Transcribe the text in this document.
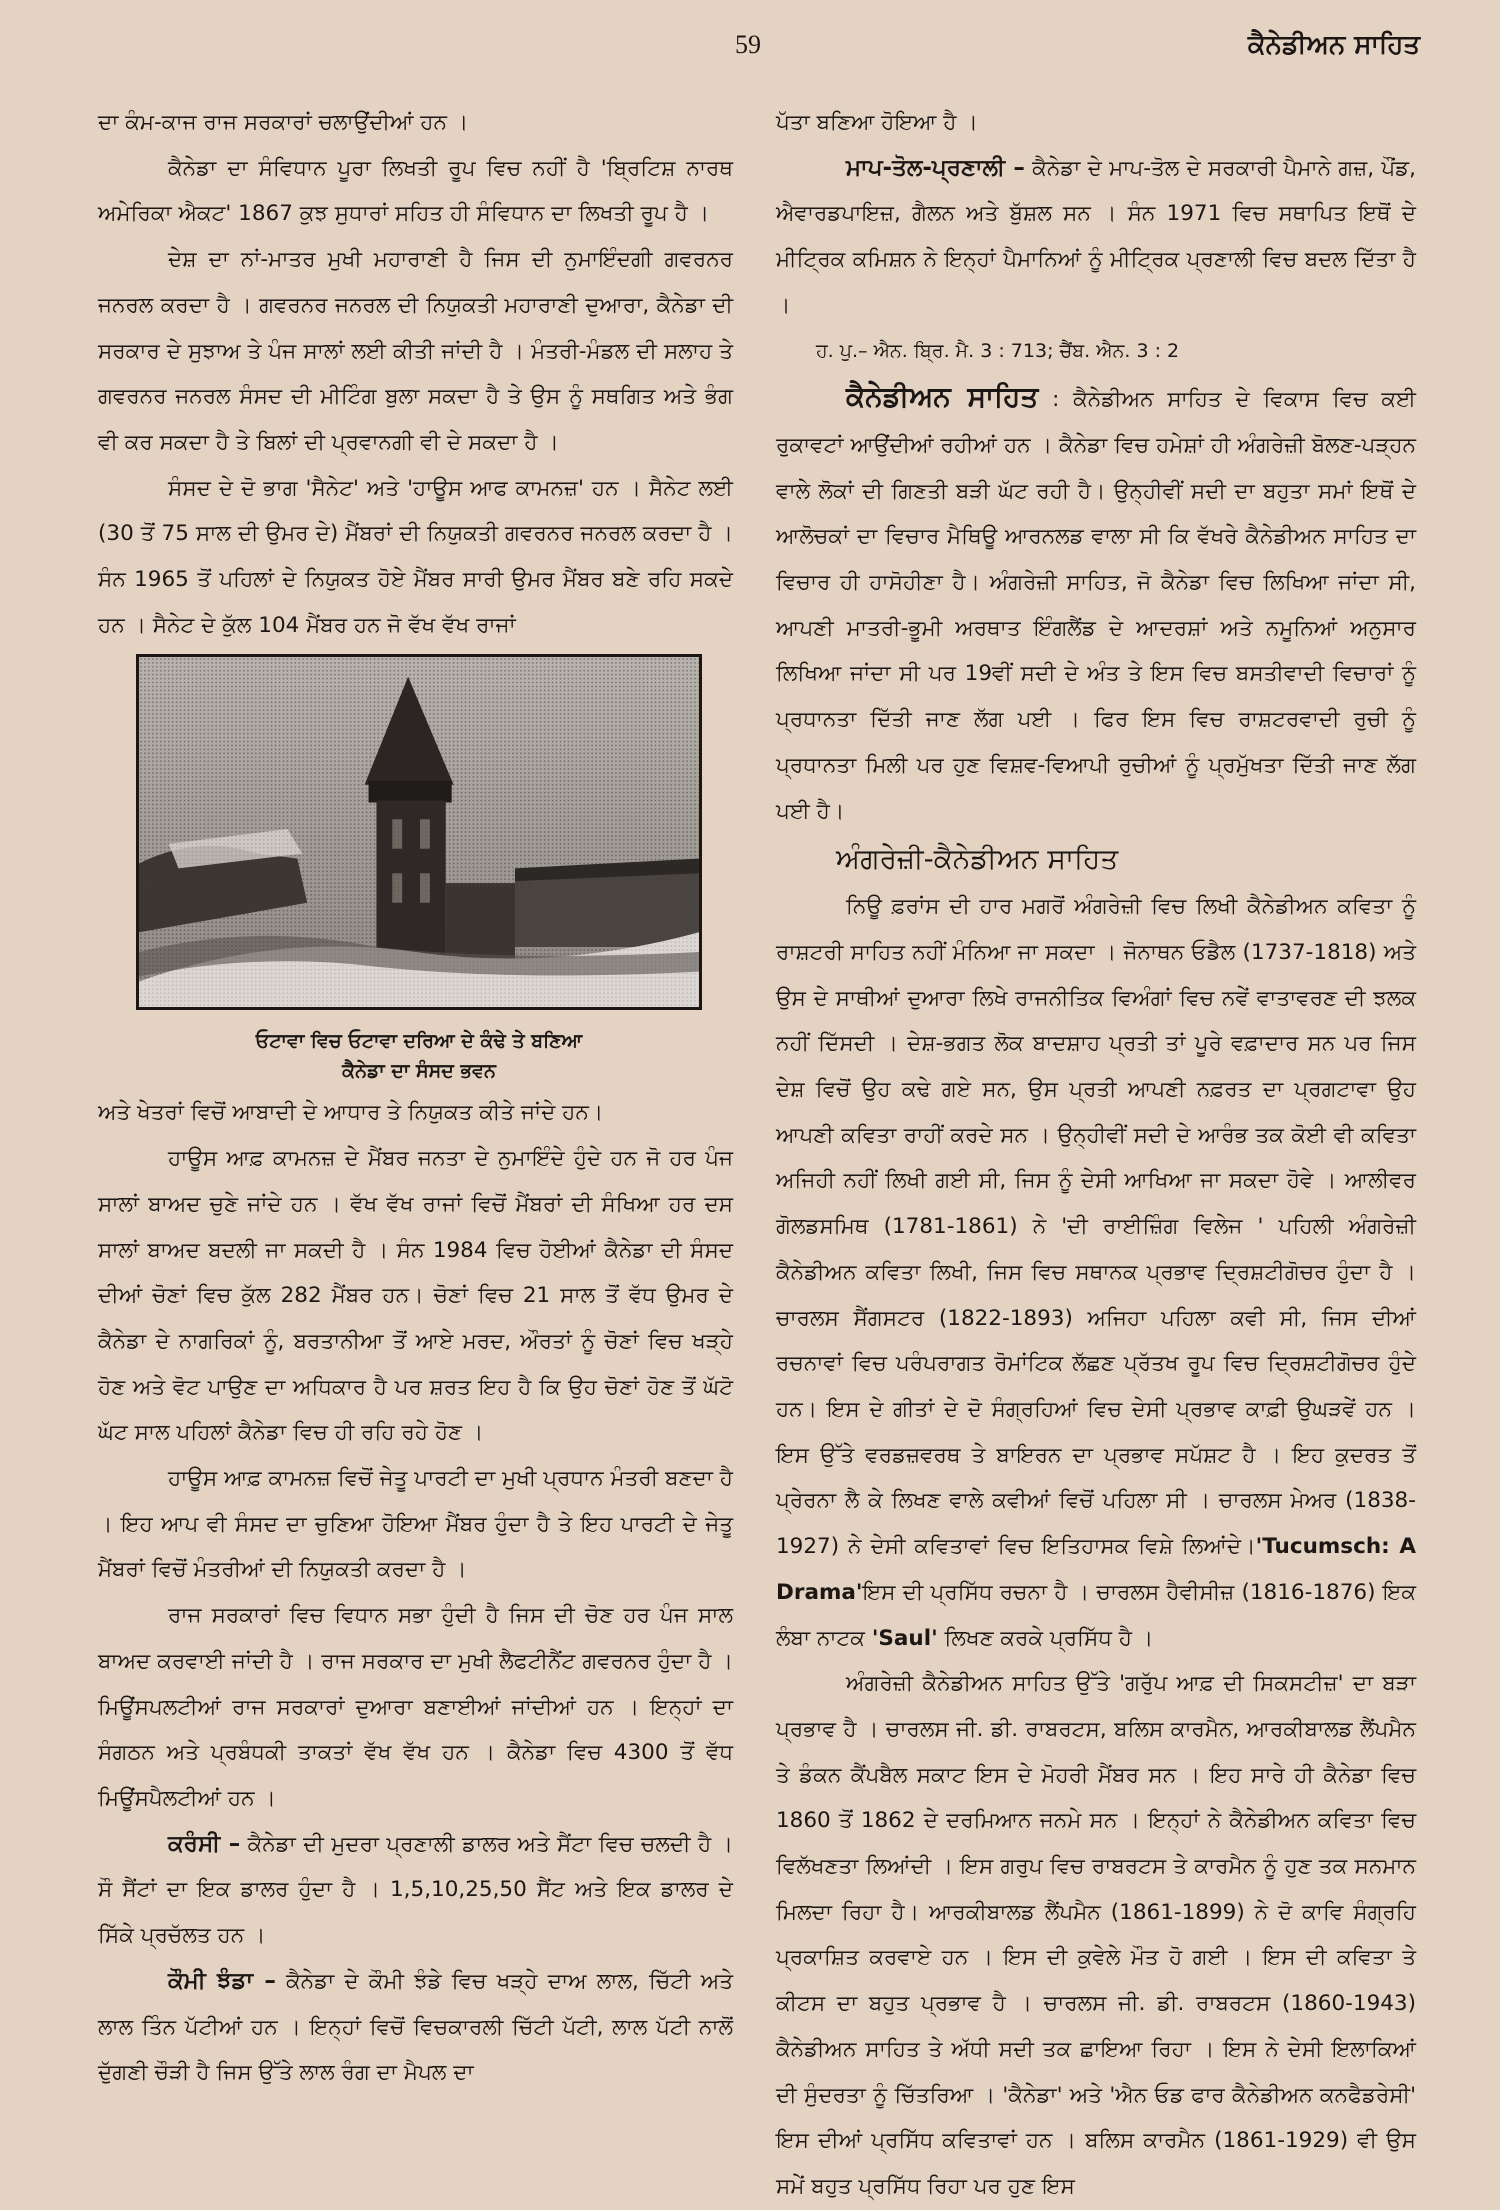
59	ਕੈਨੇਡੀਅਨ ਸਾਹਿਤ

ਦਾ ਕੰਮ-ਕਾਜ ਰਾਜ ਸਰਕਾਰਾਂ ਚਲਾਉਂਦੀਆਂ ਹਨ ।

ਕੈਨੇਡਾ ਦਾ ਸੰਵਿਧਾਨ ਪੂਰਾ ਲਿਖਤੀ ਰੂਪ ਵਿਚ ਨਹੀਂ ਹੈ 'ਬ੍ਰਿਟਿਸ਼ ਨਾਰਥ ਅਮੇਰਿਕਾ ਐਕਟ' 1867 ਕੁਝ ਸੁਧਾਰਾਂ ਸਹਿਤ ਹੀ ਸੰਵਿਧਾਨ ਦਾ ਲਿਖਤੀ ਰੂਪ ਹੈ ।

ਦੇਸ਼ ਦਾ ਨਾਂ-ਮਾਤਰ ਮੁਖੀ ਮਹਾਰਾਣੀ ਹੈ ਜਿਸ ਦੀ ਨੁਮਾਇੰਦਗੀ ਗਵਰਨਰ ਜਨਰਲ ਕਰਦਾ ਹੈ । ਗਵਰਨਰ ਜਨਰਲ ਦੀ ਨਿਯੁਕਤੀ ਮਹਾਰਾਣੀ ਦੁਆਰਾ, ਕੈਨੇਡਾ ਦੀ ਸਰਕਾਰ ਦੇ ਸੁਝਾਅ ਤੇ ਪੰਜ ਸਾਲਾਂ ਲਈ ਕੀਤੀ ਜਾਂਦੀ ਹੈ । ਮੰਤਰੀ-ਮੰਡਲ ਦੀ ਸਲਾਹ ਤੇ ਗਵਰਨਰ ਜਨਰਲ ਸੰਸਦ ਦੀ ਮੀਟਿੰਗ ਬੁਲਾ ਸਕਦਾ ਹੈ ਤੇ ਉਸ ਨੂੰ ਸਥਗਿਤ ਅਤੇ ਭੰਗ ਵੀ ਕਰ ਸਕਦਾ ਹੈ ਤੇ ਬਿਲਾਂ ਦੀ ਪ੍ਰਵਾਨਗੀ ਵੀ ਦੇ ਸਕਦਾ ਹੈ ।

ਸੰਸਦ ਦੇ ਦੋ ਭਾਗ 'ਸੈਨੇਟ' ਅਤੇ 'ਹਾਊਸ ਆਫ ਕਾਮਨਜ਼' ਹਨ । ਸੈਨੇਟ ਲਈ (30 ਤੋਂ 75 ਸਾਲ ਦੀ ਉਮਰ ਦੇ) ਮੈਂਬਰਾਂ ਦੀ ਨਿਯੁਕਤੀ ਗਵਰਨਰ ਜਨਰਲ ਕਰਦਾ ਹੈ । ਸੰਨ 1965 ਤੋਂ ਪਹਿਲਾਂ ਦੇ ਨਿਯੁਕਤ ਹੋਏ ਮੈਂਬਰ ਸਾਰੀ ਉਮਰ ਮੈਂਬਰ ਬਣੇ ਰਹਿ ਸਕਦੇ ਹਨ । ਸੈਨੇਟ ਦੇ ਕੁੱਲ 104 ਮੈਂਬਰ ਹਨ ਜੋ ਵੱਖ ਵੱਖ ਰਾਜਾਂ

ਓਟਾਵਾ ਵਿਚ ਓਟਾਵਾ ਦਰਿਆ ਦੇ ਕੰਢੇ ਤੇ ਬਣਿਆ
ਕੈਨੇਡਾ ਦਾ ਸੰਸਦ ਭਵਨ

ਅਤੇ ਖੇਤਰਾਂ ਵਿਚੋਂ ਆਬਾਦੀ ਦੇ ਆਧਾਰ ਤੇ ਨਿਯੁਕਤ ਕੀਤੇ ਜਾਂਦੇ ਹਨ।

ਹਾਊਸ ਆਫ਼ ਕਾਮਨਜ਼ ਦੇ ਮੈਂਬਰ ਜਨਤਾ ਦੇ ਨੁਮਾਇੰਦੇ ਹੁੰਦੇ ਹਨ ਜੋ ਹਰ ਪੰਜ ਸਾਲਾਂ ਬਾਅਦ ਚੁਣੇ ਜਾਂਦੇ ਹਨ । ਵੱਖ ਵੱਖ ਰਾਜਾਂ ਵਿਚੋਂ ਮੈਂਬਰਾਂ ਦੀ ਸੰਖਿਆ ਹਰ ਦਸ ਸਾਲਾਂ ਬਾਅਦ ਬਦਲੀ ਜਾ ਸਕਦੀ ਹੈ । ਸੰਨ 1984 ਵਿਚ ਹੋਈਆਂ ਕੈਨੇਡਾ ਦੀ ਸੰਸਦ ਦੀਆਂ ਚੋਣਾਂ ਵਿਚ ਕੁੱਲ 282 ਮੈਂਬਰ ਹਨ। ਚੋਣਾਂ ਵਿਚ 21 ਸਾਲ ਤੋਂ ਵੱਧ ਉਮਰ ਦੇ ਕੈਨੇਡਾ ਦੇ ਨਾਗਰਿਕਾਂ ਨੂੰ, ਬਰਤਾਨੀਆ ਤੋਂ ਆਏ ਮਰਦ, ਔਰਤਾਂ ਨੂੰ ਚੋਣਾਂ ਵਿਚ ਖੜ੍ਹੇ ਹੋਣ ਅਤੇ ਵੋਟ ਪਾਉਣ ਦਾ ਅਧਿਕਾਰ ਹੈ ਪਰ ਸ਼ਰਤ ਇਹ ਹੈ ਕਿ ਉਹ ਚੋਣਾਂ ਹੋਣ ਤੋਂ ਘੱਟੋ ਘੱਟ ਸਾਲ ਪਹਿਲਾਂ ਕੈਨੇਡਾ ਵਿਚ ਹੀ ਰਹਿ ਰਹੇ ਹੋਣ ।

ਹਾਊਸ ਆਫ਼ ਕਾਮਨਜ਼ ਵਿਚੋਂ ਜੇਤੂ ਪਾਰਟੀ ਦਾ ਮੁਖੀ ਪ੍ਰਧਾਨ ਮੰਤਰੀ ਬਣਦਾ ਹੈ । ਇਹ ਆਪ ਵੀ ਸੰਸਦ ਦਾ ਚੁਣਿਆ ਹੋਇਆ ਮੈਂਬਰ ਹੁੰਦਾ ਹੈ ਤੇ ਇਹ ਪਾਰਟੀ ਦੇ ਜੇਤੂ ਮੈਂਬਰਾਂ ਵਿਚੋਂ ਮੰਤਰੀਆਂ ਦੀ ਨਿਯੁਕਤੀ ਕਰਦਾ ਹੈ ।

ਰਾਜ ਸਰਕਾਰਾਂ ਵਿਚ ਵਿਧਾਨ ਸਭਾ ਹੁੰਦੀ ਹੈ ਜਿਸ ਦੀ ਚੋਣ ਹਰ ਪੰਜ ਸਾਲ ਬਾਅਦ ਕਰਵਾਈ ਜਾਂਦੀ ਹੈ । ਰਾਜ ਸਰਕਾਰ ਦਾ ਮੁਖੀ ਲੈਫਟੀਨੈਂਟ ਗਵਰਨਰ ਹੁੰਦਾ ਹੈ । ਮਿਊਂਸਪਲਟੀਆਂ ਰਾਜ ਸਰਕਾਰਾਂ ਦੁਆਰਾ ਬਣਾਈਆਂ ਜਾਂਦੀਆਂ ਹਨ । ਇਨ੍ਹਾਂ ਦਾ ਸੰਗਠਨ ਅਤੇ ਪ੍ਰਬੰਧਕੀ ਤਾਕਤਾਂ ਵੱਖ ਵੱਖ ਹਨ । ਕੈਨੇਡਾ ਵਿਚ 4300 ਤੋਂ ਵੱਧ ਮਿਊਂਸਪੈਲਟੀਆਂ ਹਨ ।

ਕਰੰਸੀ – ਕੈਨੇਡਾ ਦੀ ਮੁਦਰਾ ਪ੍ਰਣਾਲੀ ਡਾਲਰ ਅਤੇ ਸੈਂਟਾ ਵਿਚ ਚਲਦੀ ਹੈ । ਸੌ ਸੈਂਟਾਂ ਦਾ ਇਕ ਡਾਲਰ ਹੁੰਦਾ ਹੈ । 1,5,10,25,50 ਸੈਂਟ ਅਤੇ ਇਕ ਡਾਲਰ ਦੇ ਸਿੱਕੇ ਪ੍ਰਚੱਲਤ ਹਨ ।

ਕੌਮੀ ਝੰਡਾ – ਕੈਨੇਡਾ ਦੇ ਕੌਮੀ ਝੰਡੇ ਵਿਚ ਖੜ੍ਹੇ ਦਾਅ ਲਾਲ, ਚਿੱਟੀ ਅਤੇ ਲਾਲ ਤਿੰਨ ਪੱਟੀਆਂ ਹਨ । ਇਨ੍ਹਾਂ ਵਿਚੋਂ ਵਿਚਕਾਰਲੀ ਚਿੱਟੀ ਪੱਟੀ, ਲਾਲ ਪੱਟੀ ਨਾਲੋਂ ਦੁੱਗਣੀ ਚੌੜੀ ਹੈ ਜਿਸ ਉੱਤੇ ਲਾਲ ਰੰਗ ਦਾ ਮੈਪਲ ਦਾ

ਪੱਤਾ ਬਣਿਆ ਹੋਇਆ ਹੈ ।

ਮਾਪ-ਤੋਲ-ਪ੍ਰਣਾਲੀ – ਕੈਨੇਡਾ ਦੇ ਮਾਪ-ਤੋਲ ਦੇ ਸਰਕਾਰੀ ਪੈਮਾਨੇ ਗਜ਼, ਪੌਂਡ, ਐਵਾਰਡਪਾਇਜ਼, ਗੈਲਨ ਅਤੇ ਬੁੱਸ਼ਲ ਸਨ । ਸੰਨ 1971 ਵਿਚ ਸਥਾਪਿਤ ਇਥੋਂ ਦੇ ਮੀਟ੍ਰਿਕ ਕਮਿਸ਼ਨ ਨੇ ਇਨ੍ਹਾਂ ਪੈਮਾਨਿਆਂ ਨੂੰ ਮੀਟ੍ਰਿਕ ਪ੍ਰਣਾਲੀ ਵਿਚ ਬਦਲ ਦਿੱਤਾ ਹੈ ।

ਹ. ਪੁ.– ਐਨ. ਬ੍ਰਿ. ਮੈ. 3 : 713; ਚੈਂਬ. ਐਨ. 3 : 2

ਕੈਨੇਡੀਅਨ ਸਾਹਿਤ : ਕੈਨੇਡੀਅਨ ਸਾਹਿਤ ਦੇ ਵਿਕਾਸ ਵਿਚ ਕਈ ਰੁਕਾਵਟਾਂ ਆਉਂਦੀਆਂ ਰਹੀਆਂ ਹਨ । ਕੈਨੇਡਾ ਵਿਚ ਹਮੇਸ਼ਾਂ ਹੀ ਅੰਗਰੇਜ਼ੀ ਬੋਲਣ-ਪੜ੍ਹਨ ਵਾਲੇ ਲੋਕਾਂ ਦੀ ਗਿਣਤੀ ਬੜੀ ਘੱਟ ਰਹੀ ਹੈ। ਉਨ੍ਹੀਵੀਂ ਸਦੀ ਦਾ ਬਹੁਤਾ ਸਮਾਂ ਇਥੋਂ ਦੇ ਆਲੋਚਕਾਂ ਦਾ ਵਿਚਾਰ ਮੈਥਿਊ ਆਰਨਲਡ ਵਾਲਾ ਸੀ ਕਿ ਵੱਖਰੇ ਕੈਨੇਡੀਅਨ ਸਾਹਿਤ ਦਾ ਵਿਚਾਰ ਹੀ ਹਾਸੋਹੀਣਾ ਹੈ। ਅੰਗਰੇਜ਼ੀ ਸਾਹਿਤ, ਜੋ ਕੈਨੇਡਾ ਵਿਚ ਲਿਖਿਆ ਜਾਂਦਾ ਸੀ, ਆਪਣੀ ਮਾਤਰੀ-ਭੂਮੀ ਅਰਥਾਤ ਇੰਗਲੈਂਡ ਦੇ ਆਦਰਸ਼ਾਂ ਅਤੇ ਨਮੂਨਿਆਂ ਅਨੁਸਾਰ ਲਿਖਿਆ ਜਾਂਦਾ ਸੀ ਪਰ 19ਵੀਂ ਸਦੀ ਦੇ ਅੰਤ ਤੇ ਇਸ ਵਿਚ ਬਸਤੀਵਾਦੀ ਵਿਚਾਰਾਂ ਨੂੰ ਪ੍ਰਧਾਨਤਾ ਦਿੱਤੀ ਜਾਣ ਲੱਗ ਪਈ । ਫਿਰ ਇਸ ਵਿਚ ਰਾਸ਼ਟਰਵਾਦੀ ਰੁਚੀ ਨੂੰ ਪ੍ਰਧਾਨਤਾ ਮਿਲੀ ਪਰ ਹੁਣ ਵਿਸ਼ਵ-ਵਿਆਪੀ ਰੁਚੀਆਂ ਨੂੰ ਪ੍ਰਮੁੱਖਤਾ ਦਿੱਤੀ ਜਾਣ ਲੱਗ ਪਈ ਹੈ।

ਅੰਗਰੇਜ਼ੀ-ਕੈਨੇਡੀਅਨ ਸਾਹਿਤ

ਨਿਊ ਫ਼ਰਾਂਸ ਦੀ ਹਾਰ ਮਗਰੋਂ ਅੰਗਰੇਜ਼ੀ ਵਿਚ ਲਿਖੀ ਕੈਨੇਡੀਅਨ ਕਵਿਤਾ ਨੂੰ ਰਾਸ਼ਟਰੀ ਸਾਹਿਤ ਨਹੀਂ ਮੰਨਿਆ ਜਾ ਸਕਦਾ । ਜੋਨਾਥਨ ਓਡੈਲ (1737-1818) ਅਤੇ ਉਸ ਦੇ ਸਾਥੀਆਂ ਦੁਆਰਾ ਲਿਖੇ ਰਾਜਨੀਤਿਕ ਵਿਅੰਗਾਂ ਵਿਚ ਨਵੇਂ ਵਾਤਾਵਰਣ ਦੀ ਝਲਕ ਨਹੀਂ ਦਿੱਸਦੀ । ਦੇਸ਼-ਭਗਤ ਲੋਕ ਬਾਦਸ਼ਾਹ ਪ੍ਰਤੀ ਤਾਂ ਪੂਰੇ ਵਫ਼ਾਦਾਰ ਸਨ ਪਰ ਜਿਸ ਦੇਸ਼ ਵਿਚੋਂ ਉਹ ਕਢੇ ਗਏ ਸਨ, ਉਸ ਪ੍ਰਤੀ ਆਪਣੀ ਨਫ਼ਰਤ ਦਾ ਪ੍ਰਗਟਾਵਾ ਉਹ ਆਪਣੀ ਕਵਿਤਾ ਰਾਹੀਂ ਕਰਦੇ ਸਨ । ਉਨ੍ਹੀਵੀਂ ਸਦੀ ਦੇ ਆਰੰਭ ਤਕ ਕੋਈ ਵੀ ਕਵਿਤਾ ਅਜਿਹੀ ਨਹੀਂ ਲਿਖੀ ਗਈ ਸੀ, ਜਿਸ ਨੂੰ ਦੇਸੀ ਆਖਿਆ ਜਾ ਸਕਦਾ ਹੋਵੇ । ਆਲੀਵਰ ਗੋਲਡਸਮਿਥ (1781-1861) ਨੇ 'ਦੀ ਰਾਈਜ਼ਿੰਗ ਵਿਲੇਜ ' ਪਹਿਲੀ ਅੰਗਰੇਜ਼ੀ ਕੈਨੇਡੀਅਨ ਕਵਿਤਾ ਲਿਖੀ, ਜਿਸ ਵਿਚ ਸਥਾਨਕ ਪ੍ਰਭਾਵ ਦ੍ਰਿਸ਼ਟੀਗੋਚਰ ਹੁੰਦਾ ਹੈ । ਚਾਰਲਸ ਸੈਂਗਸਟਰ (1822-1893) ਅਜਿਹਾ ਪਹਿਲਾ ਕਵੀ ਸੀ, ਜਿਸ ਦੀਆਂ ਰਚਨਾਵਾਂ ਵਿਚ ਪਰੰਪਰਾਗਤ ਰੋਮਾਂਟਿਕ ਲੱਛਣ ਪ੍ਰੱਤਖ ਰੂਪ ਵਿਚ ਦ੍ਰਿਸ਼ਟੀਗੋਚਰ ਹੁੰਦੇ ਹਨ। ਇਸ ਦੇ ਗੀਤਾਂ ਦੇ ਦੋ ਸੰਗ੍ਰਹਿਆਂ ਵਿਚ ਦੇਸੀ ਪ੍ਰਭਾਵ ਕਾਫ਼ੀ ਉਘੜਵੇਂ ਹਨ । ਇਸ ਉੱਤੇ ਵਰਡਜ਼ਵਰਥ ਤੇ ਬਾਇਰਨ ਦਾ ਪ੍ਰਭਾਵ ਸਪੱਸ਼ਟ ਹੈ । ਇਹ ਕੁਦਰਤ ਤੋਂ ਪ੍ਰੇਰਨਾ ਲੈ ਕੇ ਲਿਖਣ ਵਾਲੇ ਕਵੀਆਂ ਵਿਚੋਂ ਪਹਿਲਾ ਸੀ । ਚਾਰਲਸ ਮੇਅਰ (1838-1927) ਨੇ ਦੇਸੀ ਕਵਿਤਾਵਾਂ ਵਿਚ ਇਤਿਹਾਸਕ ਵਿਸ਼ੇ ਲਿਆਂਦੇ।'Tucumsch: A Drama'ਇਸ ਦੀ ਪ੍ਰਸਿੱਧ ਰਚਨਾ ਹੈ । ਚਾਰਲਸ ਹੈਵੀਸੀਜ਼ (1816-1876) ਇਕ ਲੰਬਾ ਨਾਟਕ 'Saul' ਲਿਖਣ ਕਰਕੇ ਪ੍ਰਸਿੱਧ ਹੈ ।

ਅੰਗਰੇਜ਼ੀ ਕੈਨੇਡੀਅਨ ਸਾਹਿਤ ਉੱਤੇ 'ਗਰੁੱਪ ਆਫ਼ ਦੀ ਸਿਕਸਟੀਜ਼' ਦਾ ਬੜਾ ਪ੍ਰਭਾਵ ਹੈ । ਚਾਰਲਸ ਜੀ. ਡੀ. ਰਾਬਰਟਸ, ਬਲਿਸ ਕਾਰਮੈਨ, ਆਰਕੀਬਾਲਡ ਲੈਂਪਮੈਨ ਤੇ ਡੰਕਨ ਕੈਂਪਬੈਲ ਸਕਾਟ ਇਸ ਦੇ ਮੋਹਰੀ ਮੈਂਬਰ ਸਨ । ਇਹ ਸਾਰੇ ਹੀ ਕੈਨੇਡਾ ਵਿਚ 1860 ਤੋਂ 1862 ਦੇ ਦਰਮਿਆਨ ਜਨਮੇ ਸਨ । ਇਨ੍ਹਾਂ ਨੇ ਕੈਨੇਡੀਅਨ ਕਵਿਤਾ ਵਿਚ ਵਿਲੱਖਣਤਾ ਲਿਆਂਦੀ । ਇਸ ਗਰੁਪ ਵਿਚ ਰਾਬਰਟਸ ਤੇ ਕਾਰਮੈਨ ਨੂੰ ਹੁਣ ਤਕ ਸਨਮਾਨ ਮਿਲਦਾ ਰਿਹਾ ਹੈ। ਆਰਕੀਬਾਲਡ ਲੈਂਪਮੈਨ (1861-1899) ਨੇ ਦੋ ਕਾਵਿ ਸੰਗ੍ਰਹਿ ਪ੍ਰਕਾਸ਼ਿਤ ਕਰਵਾਏ ਹਨ । ਇਸ ਦੀ ਕੁਵੇਲੇ ਮੌਤ ਹੋ ਗਈ । ਇਸ ਦੀ ਕਵਿਤਾ ਤੇ ਕੀਟਸ ਦਾ ਬਹੁਤ ਪ੍ਰਭਾਵ ਹੈ । ਚਾਰਲਸ ਜੀ. ਡੀ. ਰਾਬਰਟਸ (1860-1943) ਕੈਨੇਡੀਅਨ ਸਾਹਿਤ ਤੇ ਅੱਧੀ ਸਦੀ ਤਕ ਛਾਇਆ ਰਿਹਾ । ਇਸ ਨੇ ਦੇਸੀ ਇਲਾਕਿਆਂ ਦੀ ਸੁੰਦਰਤਾ ਨੂੰ ਚਿੱਤਰਿਆ । 'ਕੈਨੇਡਾ' ਅਤੇ 'ਐਨ ਓਡ ਫਾਰ ਕੈਨੇਡੀਅਨ ਕਨਫੈਡਰੇਸੀ' ਇਸ ਦੀਆਂ ਪ੍ਰਸਿੱਧ ਕਵਿਤਾਵਾਂ ਹਨ । ਬਲਿਸ ਕਾਰਮੈਨ (1861-1929) ਵੀ ਉਸ ਸਮੇਂ ਬਹੁਤ ਪ੍ਰਸਿੱਧ ਰਿਹਾ ਪਰ ਹੁਣ ਇਸ
